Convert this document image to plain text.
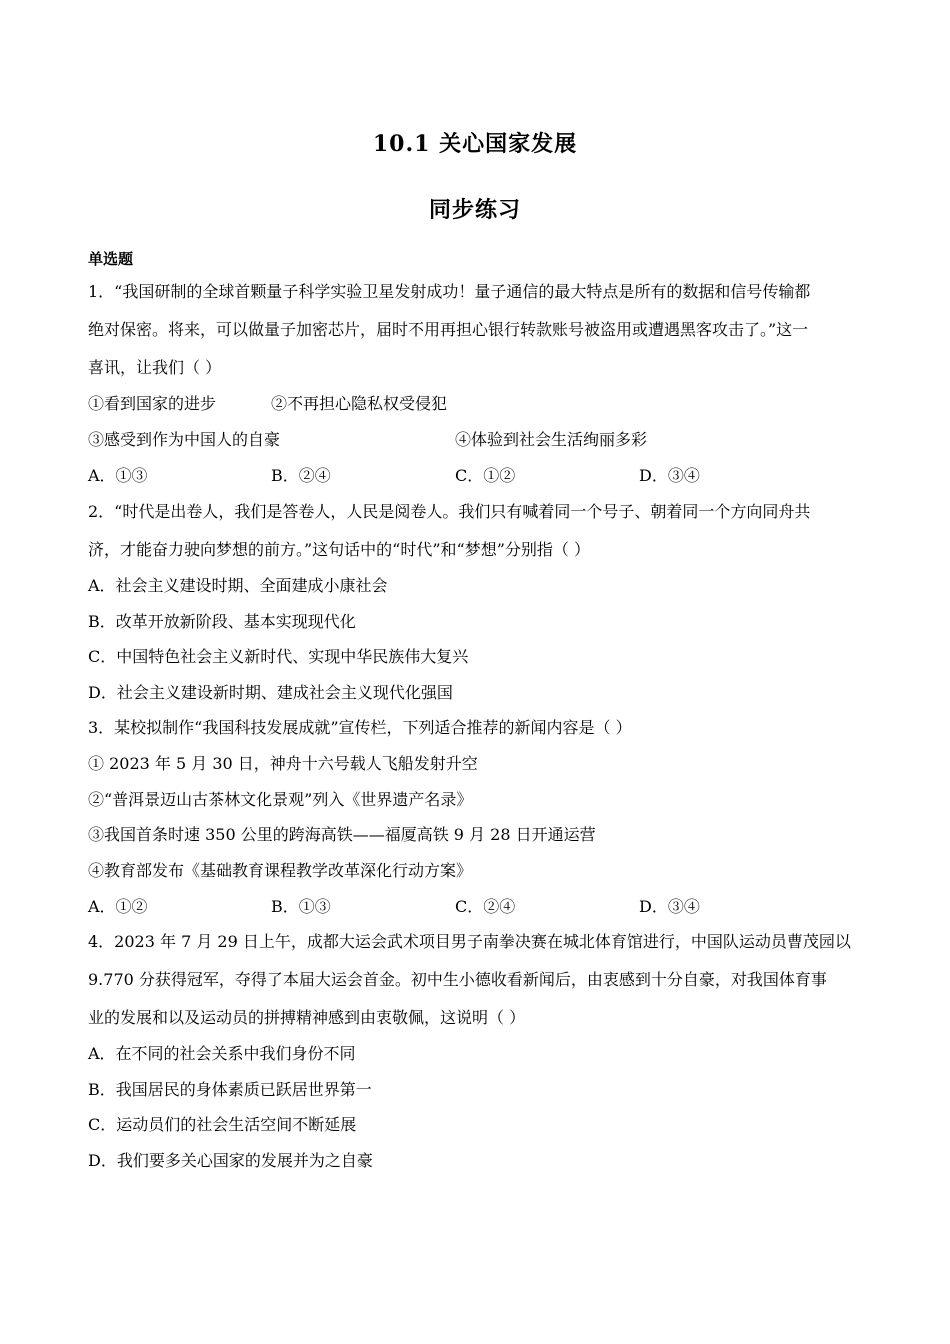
10.1 关心国家发展
同步练习
单选题
1．“我国研制的全球首颗量子科学实验卫星发射成功！量子通信的最大特点是所有的数据和信号传输都
绝对保密。将来，可以做量子加密芯片，届时不用再担心银行转款账号被盗用或遭遇黑客攻击了。”这一
喜讯，让我们（ ）
①看到国家的进步	②不再担心隐私权受侵犯
③感受到作为中国人的自豪	④体验到社会生活绚丽多彩
A．①③	B．②④	C．①②	D．③④
2．“时代是出卷人，我们是答卷人，人民是阅卷人。我们只有喊着同一个号子、朝着同一个方向同舟共
济，才能奋力驶向梦想的前方。”这句话中的“时代”和“梦想”分别指（ ）
A．社会主义建设时期、全面建成小康社会
B．改革开放新阶段、基本实现现代化
C．中国特色社会主义新时代、实现中华民族伟大复兴
D．社会主义建设新时期、建成社会主义现代化强国
3．某校拟制作“我国科技发展成就”宣传栏，下列适合推荐的新闻内容是（ ）
① 2023 年 5 月 30 日，神舟十六号载人飞船发射升空
②“普洱景迈山古茶林文化景观”列入《世界遗产名录》
③我国首条时速 350 公里的跨海高铁——福厦高铁 9 月 28 日开通运营
④教育部发布《基础教育课程教学改革深化行动方案》
A．①②	B．①③	C．②④	D．③④
4．2023 年 7 月 29 日上午，成都大运会武术项目男子南拳决赛在城北体育馆进行，中国队运动员曹茂园以
9.770 分获得冠军，夺得了本届大运会首金。初中生小德收看新闻后，由衷感到十分自豪，对我国体育事
业的发展和以及运动员的拼搏精神感到由衷敬佩，这说明（ ）
A．在不同的社会关系中我们身份不同
B．我国居民的身体素质已跃居世界第一
C．运动员们的社会生活空间不断延展
D．我们要多关心国家的发展并为之自豪
